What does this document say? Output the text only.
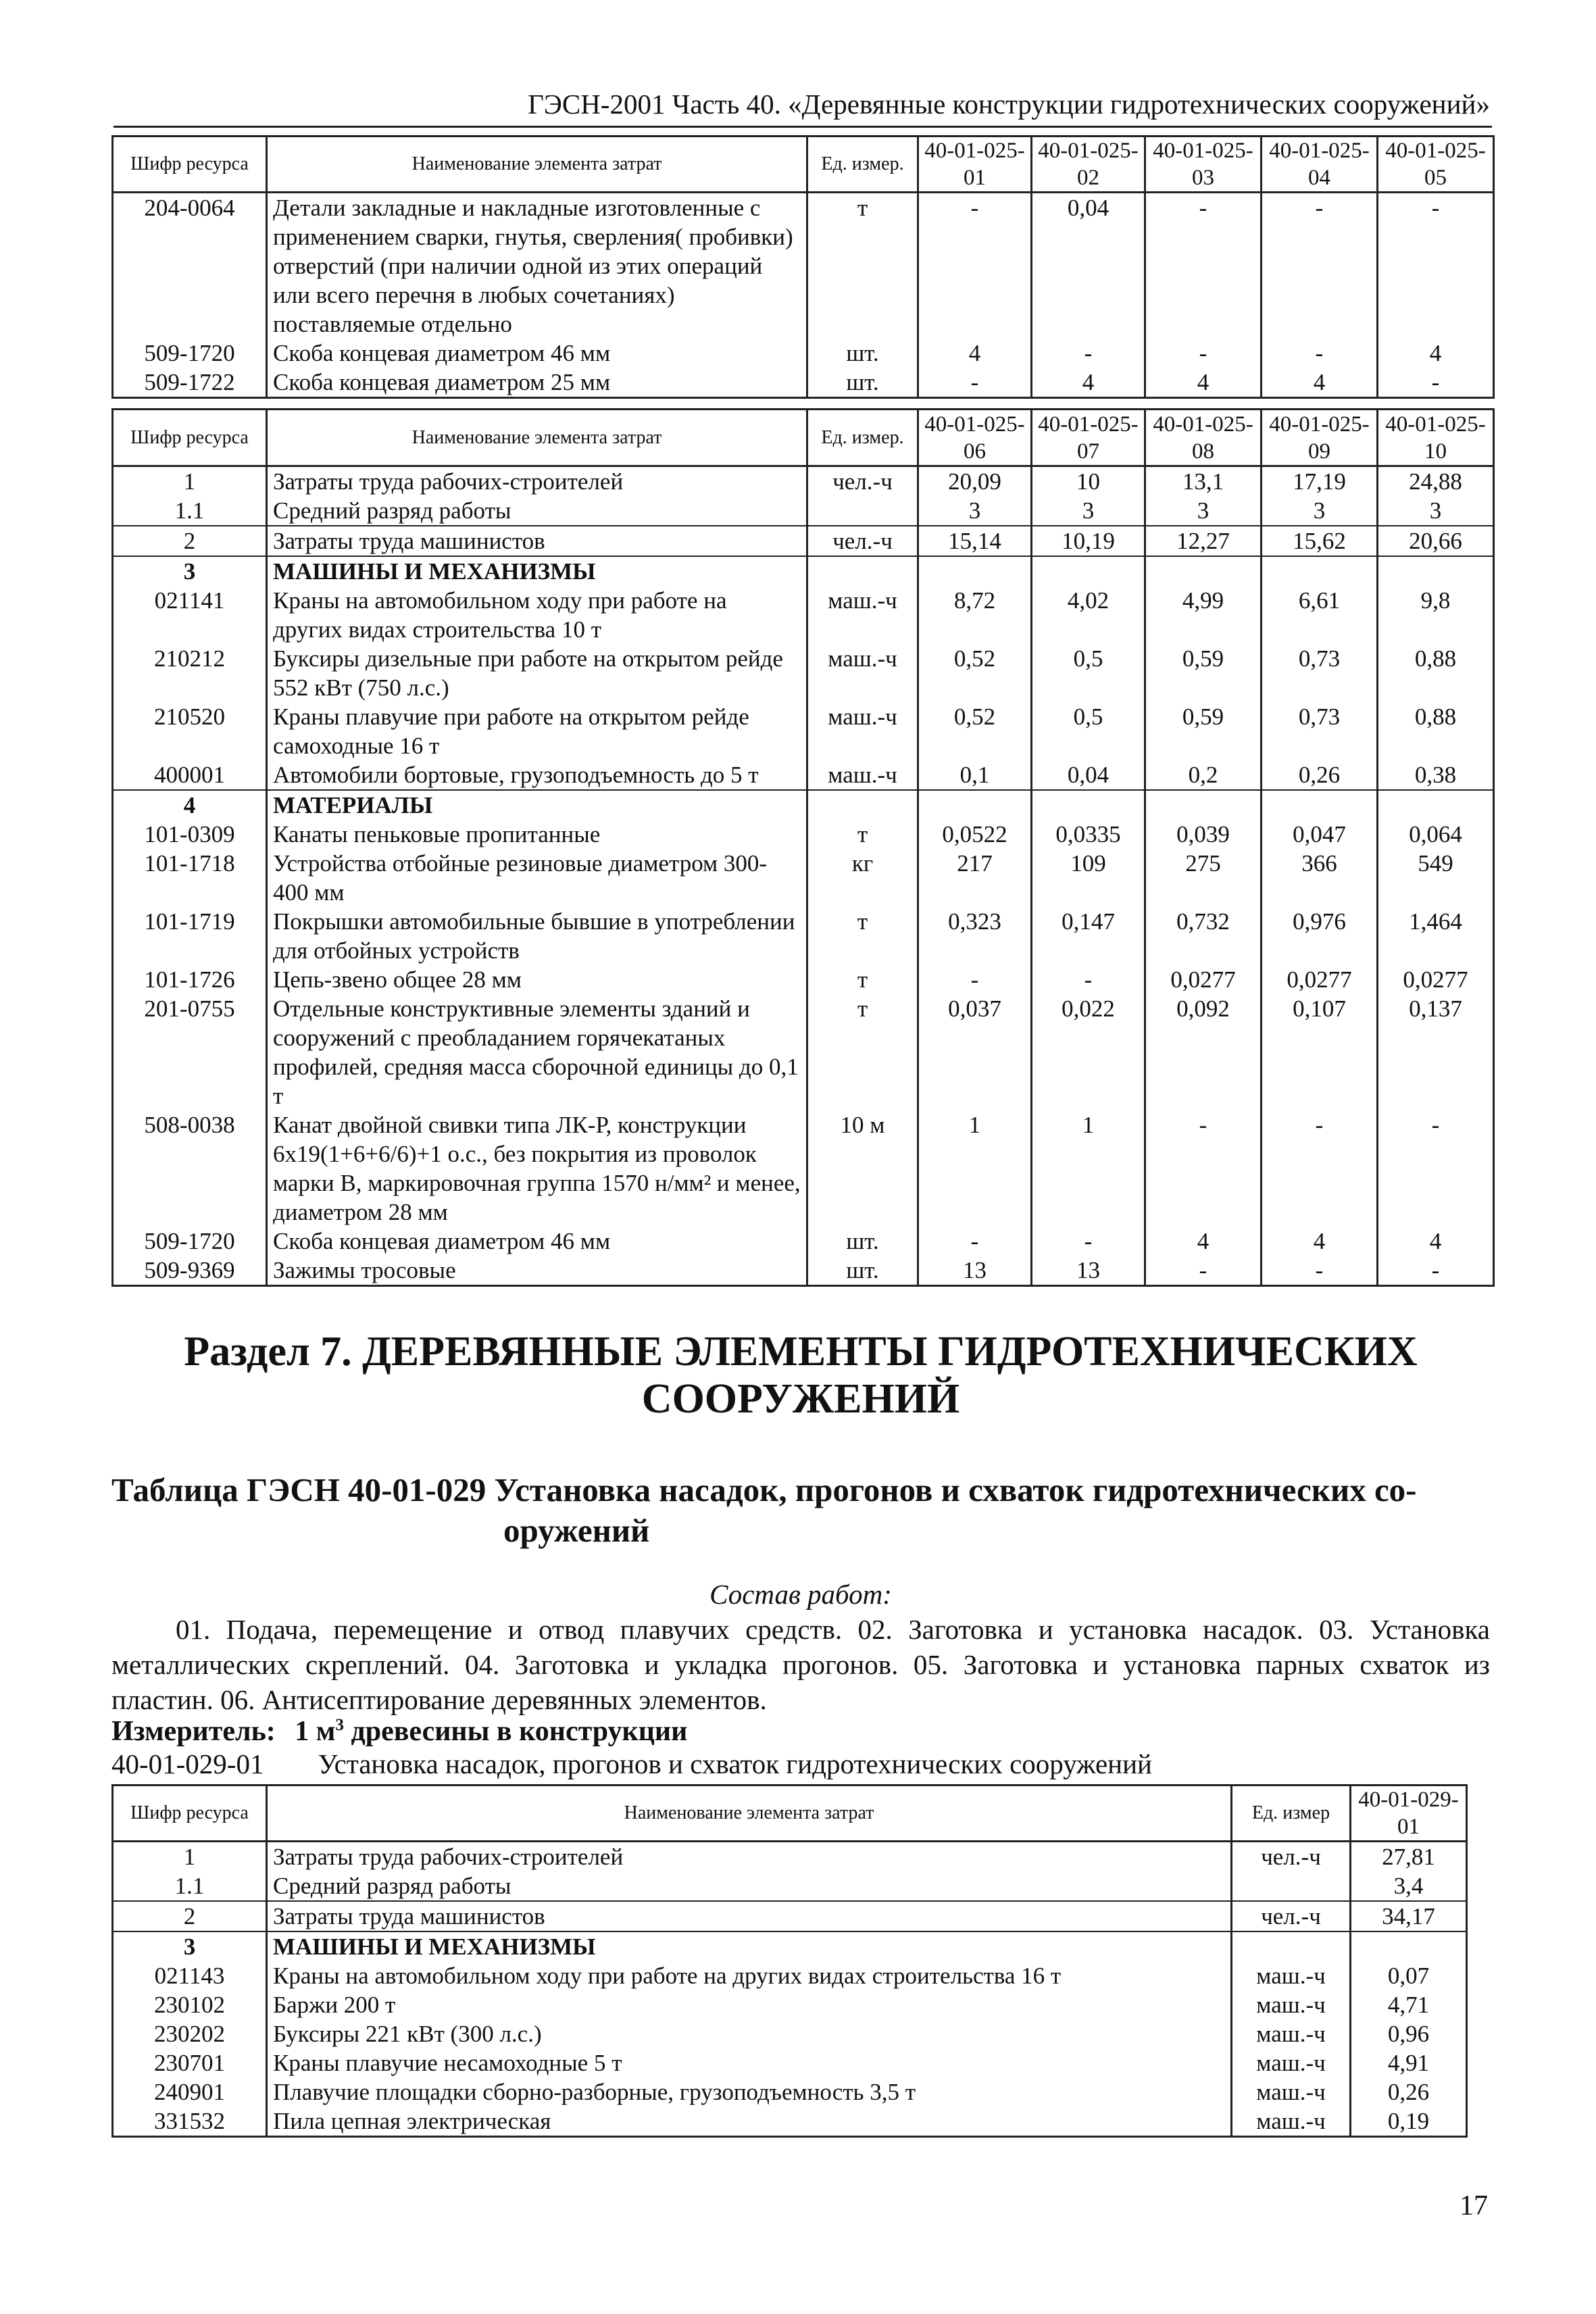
ГЭСН-2001 Часть 40. «Деревянные конструкции гидротехнических сооружений»
Шифр ресурса	Наименование элемента затрат	Ед. измер.	40-01-025-01	40-01-025-02	40-01-025-03	40-01-025-04	40-01-025-05
204-0064	Детали закладные и накладные изготовленные с применением сварки, гнутья, сверления( пробивки) отверстий (при наличии одной из этих операций или всего перечня в любых сочетаниях) поставляемые отдельно	т	-	0,04	-	-	-
509-1720	Скоба концевая диаметром 46 мм	шт.	4	-	-	-	4
509-1722	Скоба концевая диаметром 25 мм	шт.	-	4	4	4	-
Шифр ресурса	Наименование элемента затрат	Ед. измер.	40-01-025-06	40-01-025-07	40-01-025-08	40-01-025-09	40-01-025-10
1	Затраты труда рабочих-строителей	чел.-ч	20,09	10	13,1	17,19	24,88
1.1	Средний разряд работы		3	3	3	3	3
2	Затраты труда машинистов	чел.-ч	15,14	10,19	12,27	15,62	20,66
3	МАШИНЫ И МЕХАНИЗМЫ						
021141	Краны на автомобильном ходу при работе на других видах строительства 10 т	маш.-ч	8,72	4,02	4,99	6,61	9,8
210212	Буксиры дизельные при работе на открытом рейде 552 кВт (750 л.с.)	маш.-ч	0,52	0,5	0,59	0,73	0,88
210520	Краны плавучие при работе на открытом рейде самоходные 16 т	маш.-ч	0,52	0,5	0,59	0,73	0,88
400001	Автомобили бортовые, грузоподъемность до 5 т	маш.-ч	0,1	0,04	0,2	0,26	0,38
4	МАТЕРИАЛЫ						
101-0309	Канаты пеньковые пропитанные	т	0,0522	0,0335	0,039	0,047	0,064
101-1718	Устройства отбойные резиновые диаметром 300-400 мм	кг	217	109	275	366	549
101-1719	Покрышки автомобильные бывшие в употреблении для отбойных устройств	т	0,323	0,147	0,732	0,976	1,464
101-1726	Цепь-звено общее 28 мм	т	-	-	0,0277	0,0277	0,0277
201-0755	Отдельные конструктивные элементы зданий и сооружений с преобладанием горячекатаных профилей, средняя масса сборочной единицы до 0,1 т	т	0,037	0,022	0,092	0,107	0,137
508-0038	Канат двойной свивки типа ЛК-Р, конструкции 6х19(1+6+6/6)+1 о.с., без покрытия из проволок марки В, маркировочная группа 1570 н/мм² и менее, диаметром 28 мм	10 м	1	1	-	-	-
509-1720	Скоба концевая диаметром 46 мм	шт.	-	-	4	4	4
509-9369	Зажимы тросовые	шт.	13	13	-	-	-
Раздел 7. ДЕРЕВЯННЫЕ ЭЛЕМЕНТЫ ГИДРОТЕХНИЧЕСКИХ
СООРУЖЕНИЙ
Таблица ГЭСН 40-01-029 Установка насадок, прогонов и схваток гидротехнических со-
оружений
Состав работ:
01. Подача, перемещение и отвод плавучих средств. 02. Заготовка и установка насадок. 03. Установка металлических скреплений. 04. Заготовка и укладка прогонов. 05. Заготовка и установка парных схваток из пластин. 06. Антисептирование деревянных элементов.
Измеритель: 1 $м^3$ древесины в конструкции
40-01-029-01 Установка насадок, прогонов и схваток гидротехнических сооружений
Шифр ресурса	Наименование элемента затрат	Ед. измер	40-01-029-01
1	Затраты труда рабочих-строителей	чел.-ч	27,81
1.1	Средний разряд работы		3,4
2	Затраты труда машинистов	чел.-ч	34,17
3	МАШИНЫ И МЕХАНИЗМЫ		
021143	Краны на автомобильном ходу при работе на других видах строительства 16 т	маш.-ч	0,07
230102	Баржи 200 т	маш.-ч	4,71
230202	Буксиры 221 кВт (300 л.с.)	маш.-ч	0,96
230701	Краны плавучие несамоходные 5 т	маш.-ч	4,91
240901	Плавучие площадки сборно-разборные, грузоподъемность 3,5 т	маш.-ч	0,26
331532	Пила цепная электрическая	маш.-ч	0,19
17
